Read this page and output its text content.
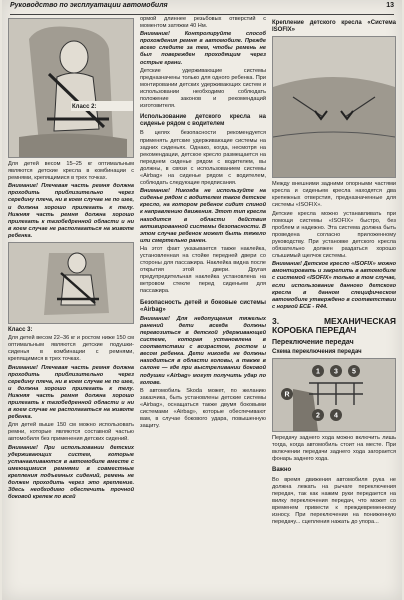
Руководство по эксплуатации автомобиля	13
Класс 2:

Для детей весом 15–25 кг оптимальным являются детские кресла в комбинации с ремнями, крепящимися в трех точках.

Внимание! Плечевая часть ремня должна проходить приблизительно через середину плеча, ни в коем случае не по шее, и должна хорошо прилегать к телу. Нижняя часть ремня должна хорошо прилегать к тазобедренной области и ни в коем случае не располагаться на животе ребенка.

Класс 3:

Для детей весом 22–36 кг и ростом ниже 150 см оптимальным являются детские подушки-сиденья в комбинации с ремнями, крепящимися в трех точках.

Внимание! Плечевая часть ремня должна проходить приблизительно через середину плеча, ни в коем случае не по шее, и должна хорошо прилегать к телу. Нижняя часть ремня должна хорошо прилегать к тазобедренной области и ни в коем случае не располагаться на животе ребенка.

Для детей выше 150 см можно использовать ремни, которые являются составной частью автомобиля без применения детских сидений.

Внимание! При использовании детских удерживающих систем, которые устанавливаются в автомобиле вместе с имеющимися ремнями в совместные крепления подъемных сидений, ремень не должен проходить через это крепление. Здесь необходимо обеспечить прочной боковой крепеж по всей

ормой длиннее резьбовых отверстий с моментом затяжки 40 Нм.

Внимание! Контролируйте способ прохождения ремня в автомобиле. Прежде всего следите за тем, чтобы ремень не был повережден проходящим через острые грани.

Детские удерживающие системы предназначены только для одного ребенка. При монтировании детских удерживающих систем и использовании необходимо соблюдать положение законов и рекомендаций изготовителя.

Использование детского кресла на сиденье рядом с водителем

В целях безопасности рекомендуется применять детские удерживающие системы на задних сиденьях. Однако, когда, несмотря на рекомендации, детское кресло размещается на переднем сиденье рядом с водителем, вы должны, в связи с использованием системы «Airbag» на сиденье рядом с водителем, соблюдать следующие предписания.

Внимание! Никогда не используйте на сиденье рядом с водителем такое детское кресло, на котором ребенок сидит спиной к направлению движения. Этот тип кресла находится в области действия активированной системы безопасности. В этом случае ребенок может быть тяжело или смертельно ранен.

На этот факт указывается также наклейка, установленная на стойке передней двери со стороны для пассажира. Наклейка видна после открытия этой двери. Другая предупредительная наклейка установлена на ветровом стекле перед сиденьем для пассажира.

Безопасность детей и боковые системы «Airbag»

Внимание! Для недопущения тяжелых ранений дети всегда должны перевозиться в детской удерживающей системе, которая установлена в соответствии с возрастом, ростом и весом ребенка. Дети никогда не должны находиться в области головы, а также в салоне — где при выстреливании боковой подушки «Airbag» могут получить удар по голове.

В автомобиль Skoda может, по желанию заказчика, быть установлены детские системы «Airbag», оснащаться также двумя боковыми системами «Airbag», которые обеспечивают вам, в случае бокового удара, повышенную защиту.

Крепление детского кресла «Система ISOFIX»

Между внешними задними опорными частями кресла и сиденьем кресла находятся два крепежных отверстия, предназначенные для системы «ISOFIX».

Детские кресла можно устанавливать при помощи системы «ISOFIX» быстро, без проблем и надежно. Эта система должна быть проведена согласно приложенному руководству. При установке детского кресла обязательно должен раздаться хорошо слышимый щелчок системы.

Внимание! Детское кресло «ISOFIX» можно вмонтировать и закрепить в автомобиле с системой «ISOFIX» только в том случае, если использование данного детского кресла в данном специфическом автомобиле утверждено в соответствии с нормой ECE - R44.

3. МЕХАНИЧЕСКАЯ КОРОБКА ПЕРЕДАЧ
Переключение передач
Схема переключения передач
1 3 5
R
2 4

Передачу заднего хода можно включить лишь тогда, когда автомобиль стоит на месте. При включении передачи заднего хода загорается фонарь заднего хода.

Важно

Во время движения автомобиля рука не должна лежать на рычаге переключения передач, так как нажим руки передается на вилку переключения передач, что может со временем привести к преждевременному износу. При переключении на пониженную передачу... сцепления нажать до упора...
